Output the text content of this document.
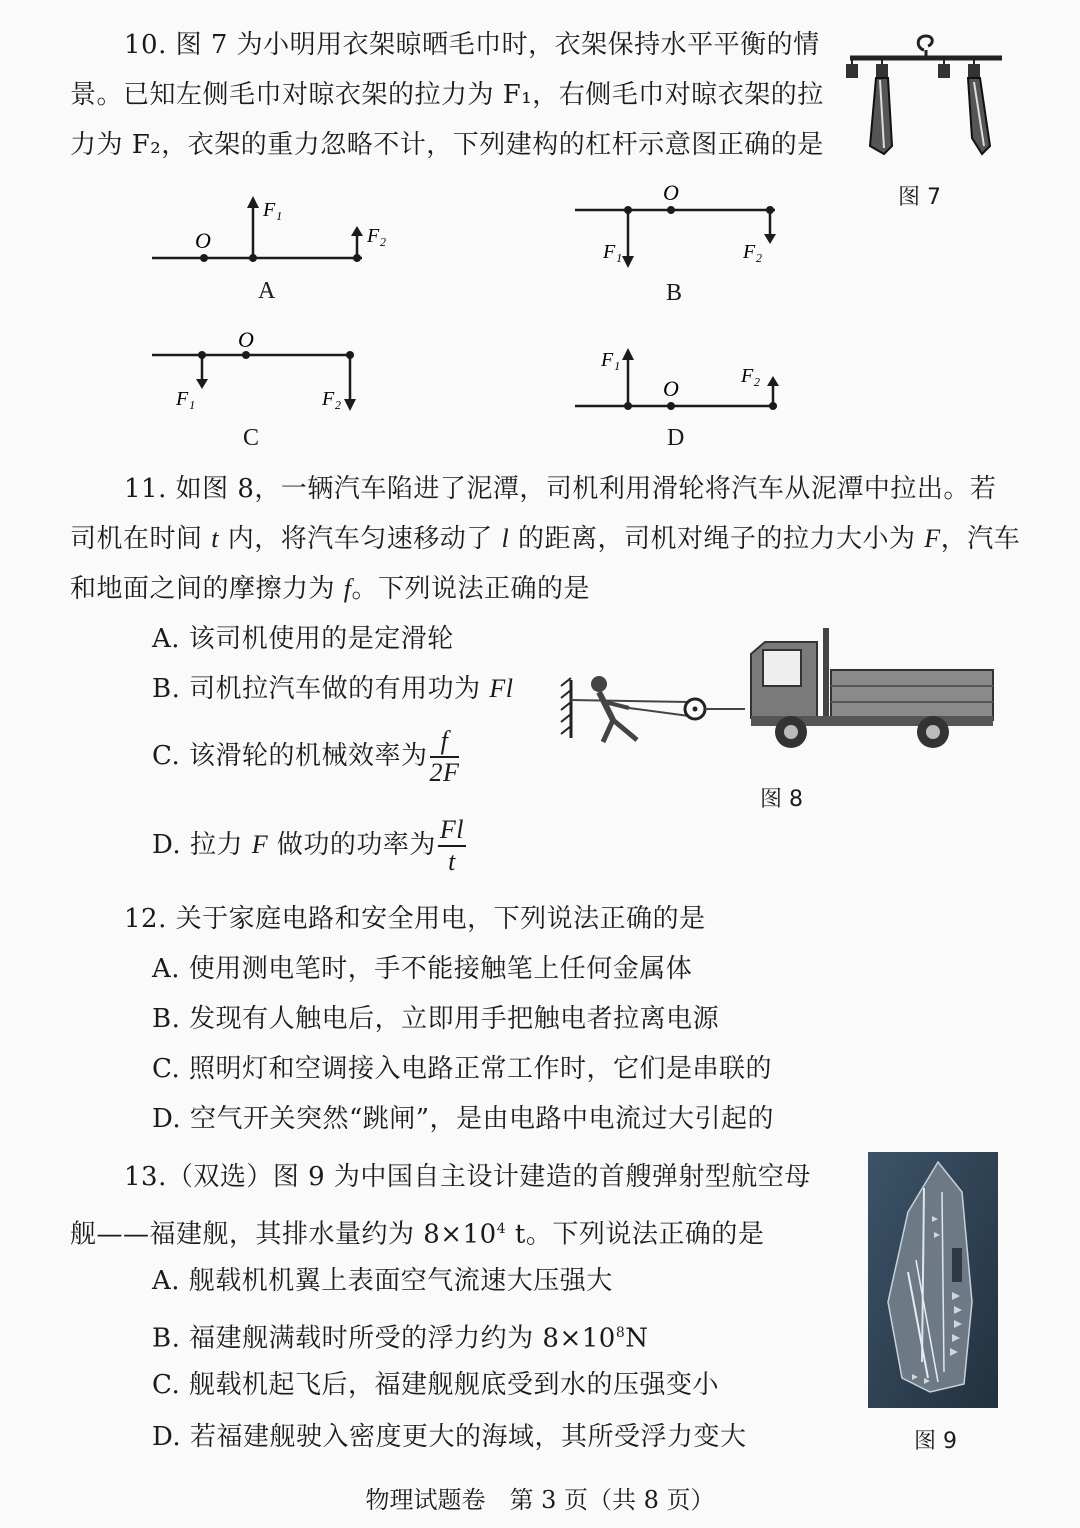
10. 图 7 为小明用衣架晾晒毛巾时，衣架保持水平平衡的情
景。已知左侧毛巾对晾衣架的拉力为 F₁，右侧毛巾对晾衣架的拉
力为 F₂，衣架的重力忽略不计，下列建构的杠杆示意图正确的是
图 7
O
F₁
F₂
A
O
F₁	F₂
B
O
F₁	F₂
C
O
F₁
F₂
D
11. 如图 8，一辆汽车陷进了泥潭，司机利用滑轮将汽车从泥潭中拉出。若
司机在时间 t 内，将汽车匀速移动了 l 的距离，司机对绳子的拉力大小为 F，汽车
和地面之间的摩擦力为 f。下列说法正确的是
A. 该司机使用的是定滑轮
B. 司机拉汽车做的有用功为 Fl
C. 该滑轮的机械效率为 $\frac{f}{2F}$
D. 拉力 F 做功的功率为 $\frac{Fl}{t}$
图 8
12. 关于家庭电路和安全用电，下列说法正确的是
A. 使用测电笔时，手不能接触笔上任何金属体
B. 发现有人触电后，立即用手把触电者拉离电源
C. 照明灯和空调接入电路正常工作时，它们是串联的
D. 空气开关突然“跳闸”，是由电路中电流过大引起的
13.（双选）图 9 为中国自主设计建造的首艘弹射型航空母
舰——福建舰，其排水量约为 $8\times 10^4$ t。下列说法正确的是
A. 舰载机机翼上表面空气流速大压强大
B. 福建舰满载时所受的浮力约为 $8\times 10^8N$
C. 舰载机起飞后，福建舰舰底受到水的压强变小
D. 若福建舰驶入密度更大的海域，其所受浮力变大	图 9
物理试题卷　第 3 页（共 8 页）
